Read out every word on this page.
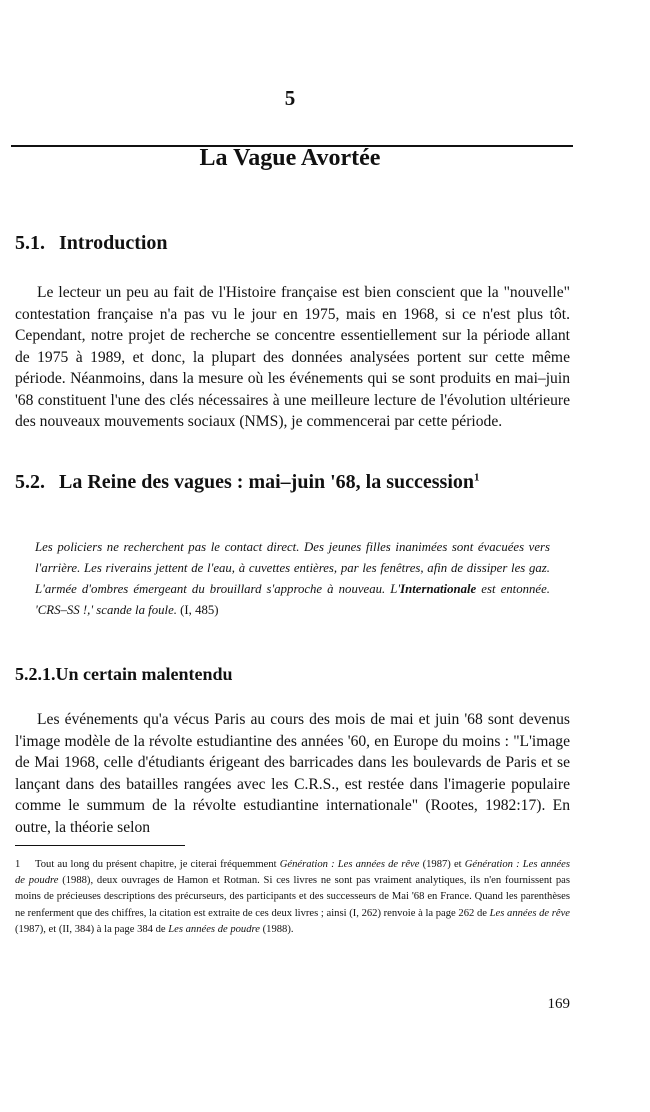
5
La Vague Avortée
5.1. Introduction
Le lecteur un peu au fait de l'Histoire française est bien conscient que la "nouvelle" contestation française n'a pas vu le jour en 1975, mais en 1968, si ce n'est plus tôt. Cependant, notre projet de recherche se concentre essentiellement sur la période allant de 1975 à 1989, et donc, la plupart des données analysées portent sur cette même période. Néanmoins, dans la mesure où les événements qui se sont produits en mai–juin '68 constituent l'une des clés nécessaires à une meilleure lecture de l'évolution ultérieure des nouveaux mouvements sociaux (NMS), je commencerai par cette période.
5.2. La Reine des vagues : mai–juin '68, la succession$^1$
Les policiers ne recherchent pas le contact direct. Des jeunes filles inanimées sont évacuées vers l'arrière. Les riverains jettent de l'eau, à cuvettes entières, par les fenêtres, afin de dissiper les gaz. L'armée d'ombres émergeant du brouillard s'approche à nouveau. L'Internationale est entonnée. 'CRS–SS !,' scande la foule. (I, 485)
5.2.1.Un certain malentendu
Les événements qu'a vécus Paris au cours des mois de mai et juin '68 sont devenus l'image modèle de la révolte estudiantine des années '60, en Europe du moins : "L'image de Mai 1968, celle d'étudiants érigeant des barricades dans les boulevards de Paris et se lançant dans des batailles rangées avec les C.R.S., est restée dans l'imagerie populaire comme le summum de la révolte estudiantine internationale" (Rootes, 1982:17). En outre, la théorie selon
1 Tout au long du présent chapitre, je citerai fréquemment Génération : Les années de rêve (1987) et Génération : Les années de poudre (1988), deux ouvrages de Hamon et Rotman. Si ces livres ne sont pas vraiment analytiques, ils n'en fournissent pas moins de précieuses descriptions des précurseurs, des participants et des successeurs de Mai '68 en France. Quand les parenthèses ne renferment que des chiffres, la citation est extraite de ces deux livres ; ainsi (I, 262) renvoie à la page 262 de Les années de rêve (1987), et (II, 384) à la page 384 de Les années de poudre (1988).
169
